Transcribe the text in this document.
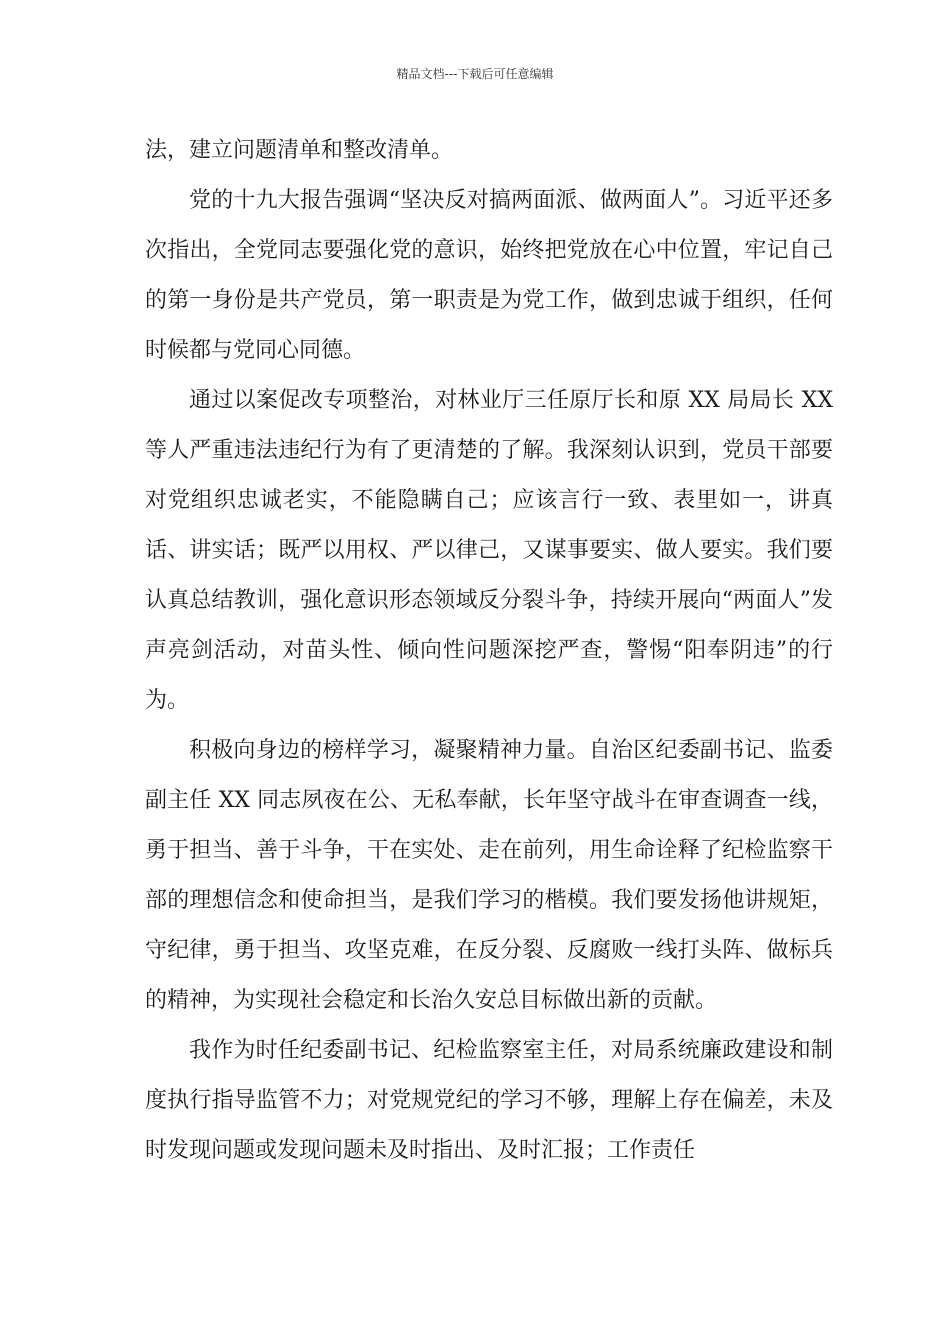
精品文档---下载后可任意编辑

法，建立问题清单和整改清单。

党的十九大报告强调“坚决反对搞两面派、做两面人”。习近平还多次指出，全党同志要强化党的意识，始终把党放在心中位置，牢记自己的第一身份是共产党员，第一职责是为党工作，做到忠诚于组织，任何时候都与党同心同德。

通过以案促改专项整治，对林业厅三任原厅长和原 XX 局局长 XX 等人严重违法违纪行为有了更清楚的了解。我深刻认识到，党员干部要对党组织忠诚老实，不能隐瞒自己；应该言行一致、表里如一，讲真话、讲实话；既严以用权、严以律己，又谋事要实、做人要实。我们要认真总结教训，强化意识形态领域反分裂斗争，持续开展向“两面人”发声亮剑活动，对苗头性、倾向性问题深挖严查，警惕“阳奉阴违”的行为。

积极向身边的榜样学习，凝聚精神力量。自治区纪委副书记、监委副主任 XX 同志夙夜在公、无私奉献，长年坚守战斗在审查调查一线，勇于担当、善于斗争，干在实处、走在前列，用生命诠释了纪检监察干部的理想信念和使命担当，是我们学习的楷模。我们要发扬他讲规矩，守纪律，勇于担当、攻坚克难，在反分裂、反腐败一线打头阵、做标兵的精神，为实现社会稳定和长治久安总目标做出新的贡献。

我作为时任纪委副书记、纪检监察室主任，对局系统廉政建设和制度执行指导监管不力；对党规党纪的学习不够，理解上存在偏差，未及时发现问题或发现问题未及时指出、及时汇报；工作责任
